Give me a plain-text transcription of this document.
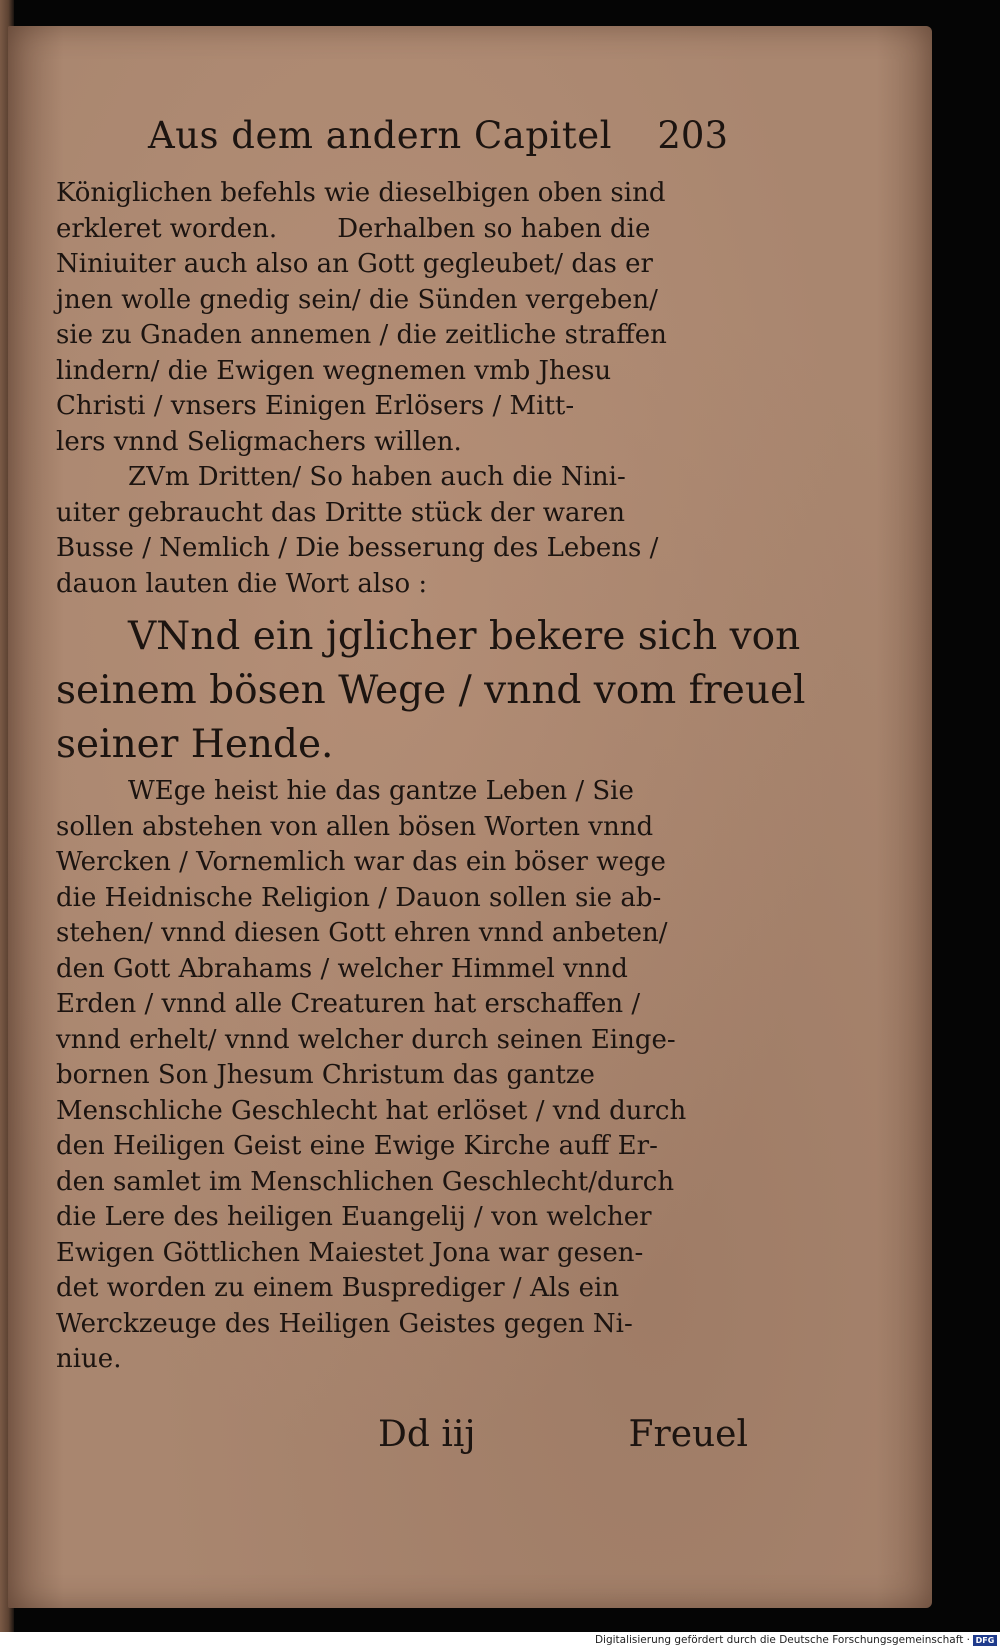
Aus dem andern Capitel 203
Königlichen befehls wie dieselbigen oben sind
erkleret worden. Derhalben so haben die
Niniuiter auch also an Gott gegleubet/ das er
jnen wolle gnedig sein/ die Sünden vergeben/
sie zu Gnaden annemen / die zeitliche straffen
lindern/ die Ewigen wegnemen vmb Jhesu
Christi / vnsers Einigen Erlösers / Mitt-
lers vnnd Seligmachers willen.
ZVm Dritten/ So haben auch die Nini-
uiter gebraucht das Dritte stück der waren
Busse / Nemlich / Die besserung des Lebens /
dauon lauten die Wort also :
VNnd ein jglicher bekere sich von
seinem bösen Wege / vnnd vom freuel
seiner Hende.
WEge heist hie das gantze Leben / Sie
sollen abstehen von allen bösen Worten vnnd
Wercken / Vornemlich war das ein böser wege
die Heidnische Religion / Dauon sollen sie ab-
stehen/ vnnd diesen Gott ehren vnnd anbeten/
den Gott Abrahams / welcher Himmel vnnd
Erden / vnnd alle Creaturen hat erschaffen /
vnnd erhelt/ vnnd welcher durch seinen Einge-
bornen Son Jhesum Christum das gantze
Menschliche Geschlecht hat erlöset / vnd durch
den Heiligen Geist eine Ewige Kirche auff Er-
den samlet im Menschlichen Geschlecht/durch
die Lere des heiligen Euangelij / von welcher
Ewigen Göttlichen Maiestet Jona war gesen-
det worden zu einem Busprediger / Als ein
Werckzeuge des Heiligen Geistes gegen Ni-
niue.
Dd iij	Freuel
Digitalisierung gefördert durch die Deutsche Forschungsgemeinschaft · DFG
